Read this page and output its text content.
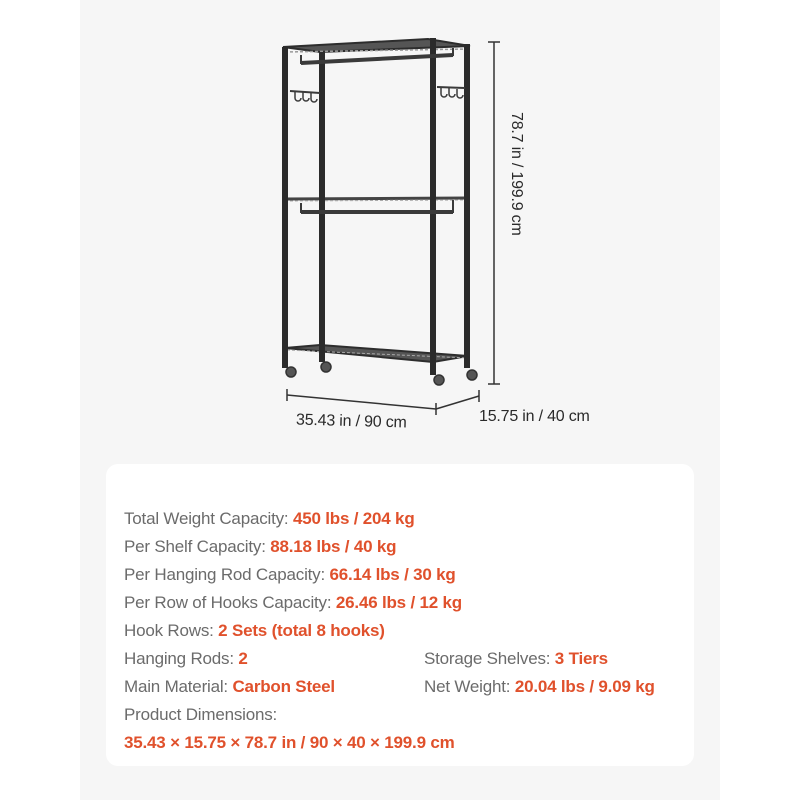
35.43 in / 90 cm	15.75 in / 40 cm
78.7 in / 199.9 cm
Total Weight Capacity: 450 lbs / 204 kg
Per Shelf Capacity: 88.18 lbs / 40 kg
Per Hanging Rod Capacity: 66.14 lbs / 30 kg
Per Row of Hooks Capacity: 26.46 lbs / 12 kg
Hook Rows: 2 Sets (total 8 hooks)
Hanging Rods: 2	Storage Shelves: 3 Tiers
Main Material: Carbon Steel	Net Weight: 20.04 lbs / 9.09 kg
Product Dimensions:
35.43 × 15.75 × 78.7 in / 90 × 40 × 199.9 cm
